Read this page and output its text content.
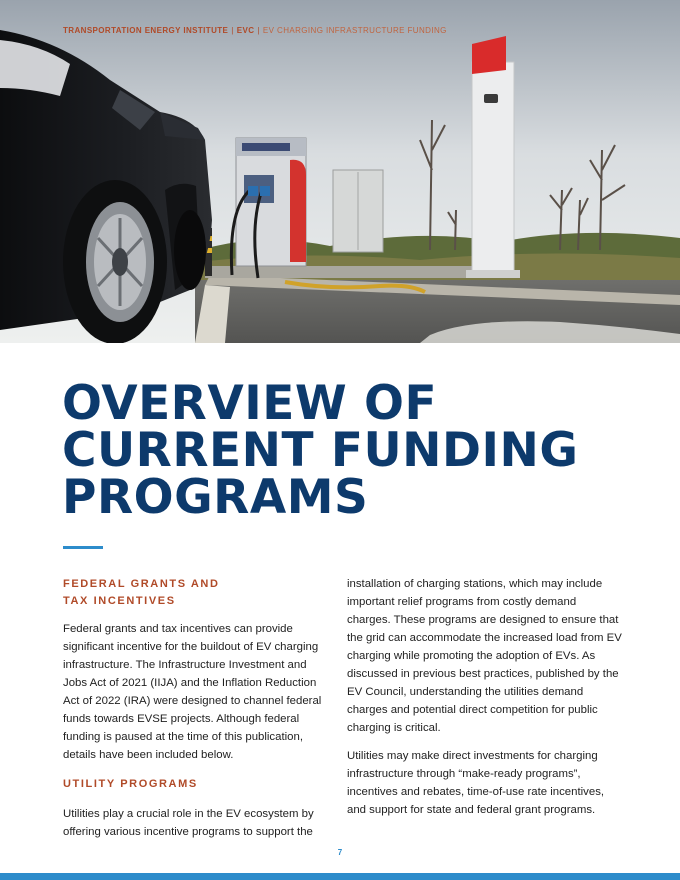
TRANSPORTATION ENERGY INSTITUTE | EVC | EV CHARGING INFRASTRUCTURE FUNDING
OVERVIEW OF
CURRENT FUNDING
PROGRAMS
FEDERAL GRANTS AND
TAX INCENTIVES

Federal grants and tax incentives can provide significant incentive for the buildout of EV charging infrastructure. The Infrastructure Investment and Jobs Act of 2021 (IIJA) and the Inflation Reduction Act of 2022 (IRA) were designed to channel federal funds towards EVSE projects. Although federal funding is paused at the time of this publication, details have been included below.

UTILITY PROGRAMS

Utilities play a crucial role in the EV ecosystem by offering various incentive programs to support the

installation of charging stations, which may include important relief programs from costly demand charges. These programs are designed to ensure that the grid can accommodate the increased load from EV charging while promoting the adoption of EVs. As discussed in previous best practices, published by the EV Council, understanding the utilities demand charges and potential direct competition for public charging is critical.

Utilities may make direct investments for charging infrastructure through “make-ready programs”, incentives and rebates, time-of-use rate incentives, and support for state and federal grant programs.

7
